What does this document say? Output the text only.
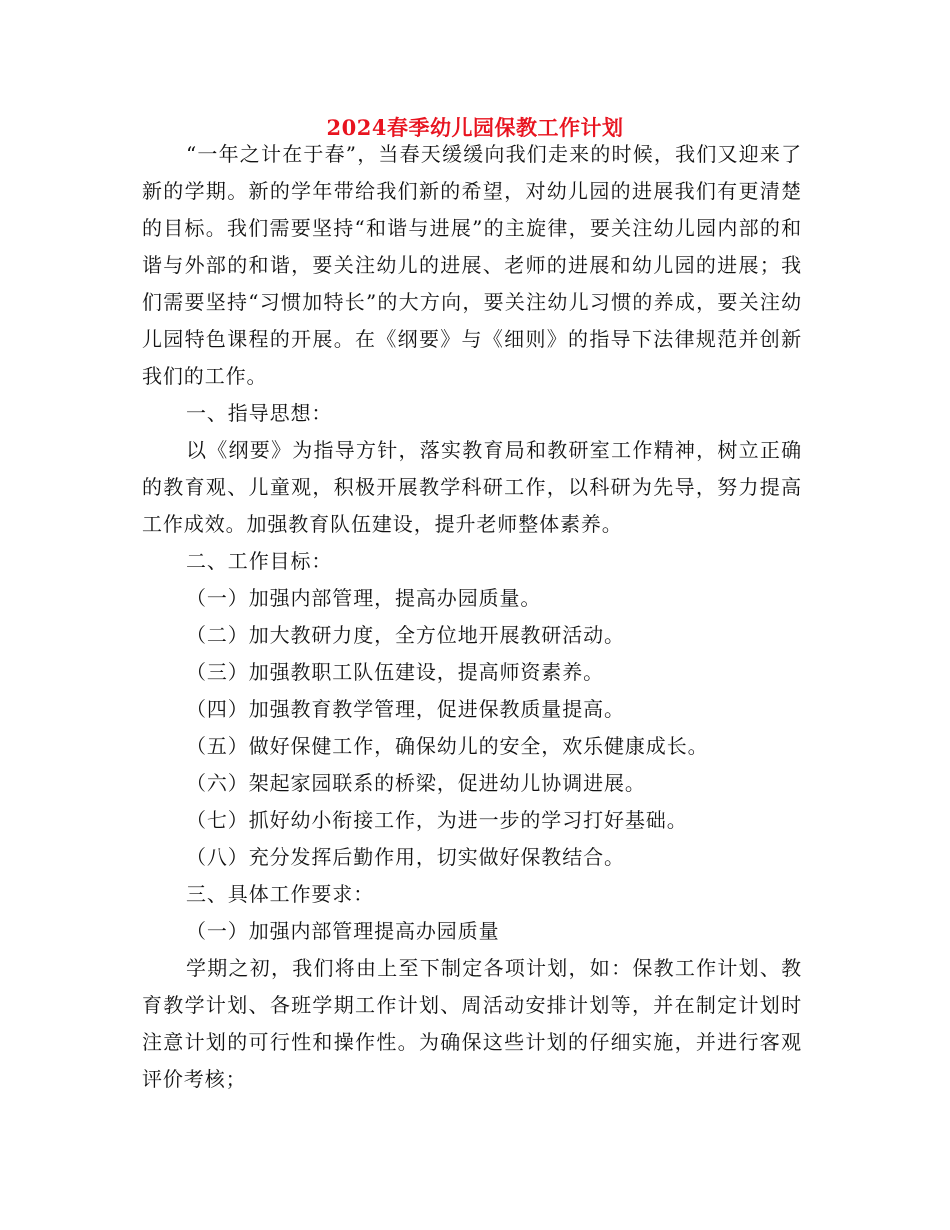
2024春季幼儿园保教工作计划

“一年之计在于春”，当春天缓缓向我们走来的时候，我们又迎来了新的学期。新的学年带给我们新的希望，对幼儿园的进展我们有更清楚的目标。我们需要坚持“和谐与进展”的主旋律，要关注幼儿园内部的和谐与外部的和谐，要关注幼儿的进展、老师的进展和幼儿园的进展；我们需要坚持“习惯加特长”的大方向，要关注幼儿习惯的养成，要关注幼儿园特色课程的开展。在《纲要》与《细则》的指导下法律规范并创新我们的工作。

一、指导思想：

以《纲要》为指导方针，落实教育局和教研室工作精神，树立正确的教育观、儿童观，积极开展教学科研工作，以科研为先导，努力提高工作成效。加强教育队伍建设，提升老师整体素养。

二、工作目标：

（一）加强内部管理，提高办园质量。

（二）加大教研力度，全方位地开展教研活动。

（三）加强教职工队伍建设，提高师资素养。

（四）加强教育教学管理，促进保教质量提高。

（五）做好保健工作，确保幼儿的安全，欢乐健康成长。

（六）架起家园联系的桥梁，促进幼儿协调进展。

（七）抓好幼小衔接工作，为进一步的学习打好基础。

（八）充分发挥后勤作用，切实做好保教结合。

三、具体工作要求：

（一）加强内部管理提高办园质量

学期之初，我们将由上至下制定各项计划，如：保教工作计划、教育教学计划、各班学期工作计划、周活动安排计划等，并在制定计划时注意计划的可行性和操作性。为确保这些计划的仔细实施，并进行客观评价考核；
